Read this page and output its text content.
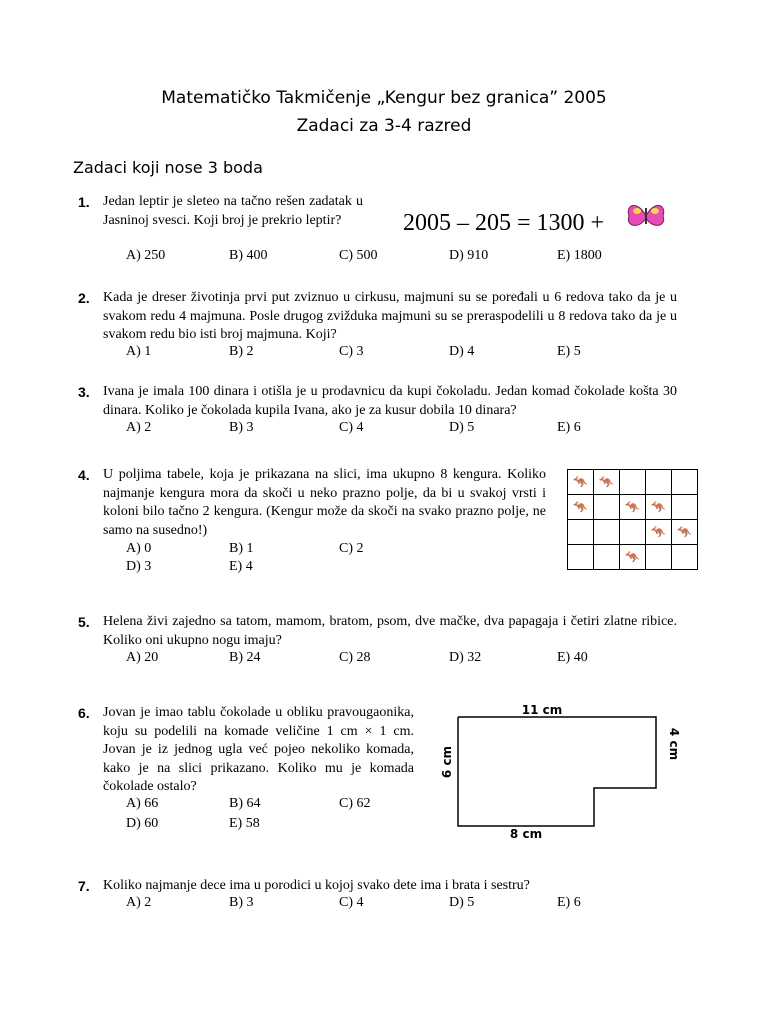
Matematičko Takmičenje „Kengur bez granica” 2005
Zadaci za 3-4 razred
Zadaci koji nose 3 boda
1. Jedan leptir je sleteo na tačno rešen zadatak u Jasninoj svesci. Koji broj je prekrio leptir?	2005 – 205 = 1300 +
A) 250	B) 400	C) 500	D) 910	E) 1800
2. Kada je dreser životinja prvi put zviznuo u cirkusu, majmuni su se poređali u 6 redova tako da je u svakom redu 4 majmuna. Posle drugog zvižduka majmuni su se preraspodelili u 8 redova tako da je u svakom redu bio isti broj majmuna. Koji?
A) 1	B) 2	C) 3	D) 4	E) 5
3. Ivana je imala 100 dinara i otišla je u prodavnicu da kupi čokoladu. Jedan komad čokolade košta 30 dinara. Koliko je čokolada kupila Ivana, ako je za kusur dobila 10 dinara?
A) 2	B) 3	C) 4	D) 5	E) 6
4. U poljima tabele, koja je prikazana na slici, ima ukupno 8 kengura. Koliko najmanje kengura mora da skoči u neko prazno polje, da bi u svakoj vrsti i koloni bilo tačno 2 kengura. (Kengur može da skoči na svako prazno polje, ne samo na susedno!)
🦘	🦘			
🦘		🦘	🦘	
			🦘	🦘
		🦘		
A) 0	B) 1	C) 2
D) 3	E) 4
5. Helena živi zajedno sa tatom, mamom, bratom, psom, dve mačke, dva papagaja i četiri zlatne ribice. Koliko oni ukupno nogu imaju?
A) 20	B) 24	C) 28	D) 32	E) 40
6. Jovan je imao tablu čokolade u obliku pravougaonika, koju su podelili na komade veličine 1 cm × 1 cm. Jovan je iz jednog ugla već pojeo nekoliko komada, kako je na slici prikazano. Koliko mu je komada čokolade ostalo?
11 cm
8 cm
6 cm
4 cm
A) 66	B) 64	C) 62
D) 60	E) 58
7. Koliko najmanje dece ima u porodici u kojoj svako dete ima i brata i sestru?
A) 2	B) 3	C) 4	D) 5	E) 6
